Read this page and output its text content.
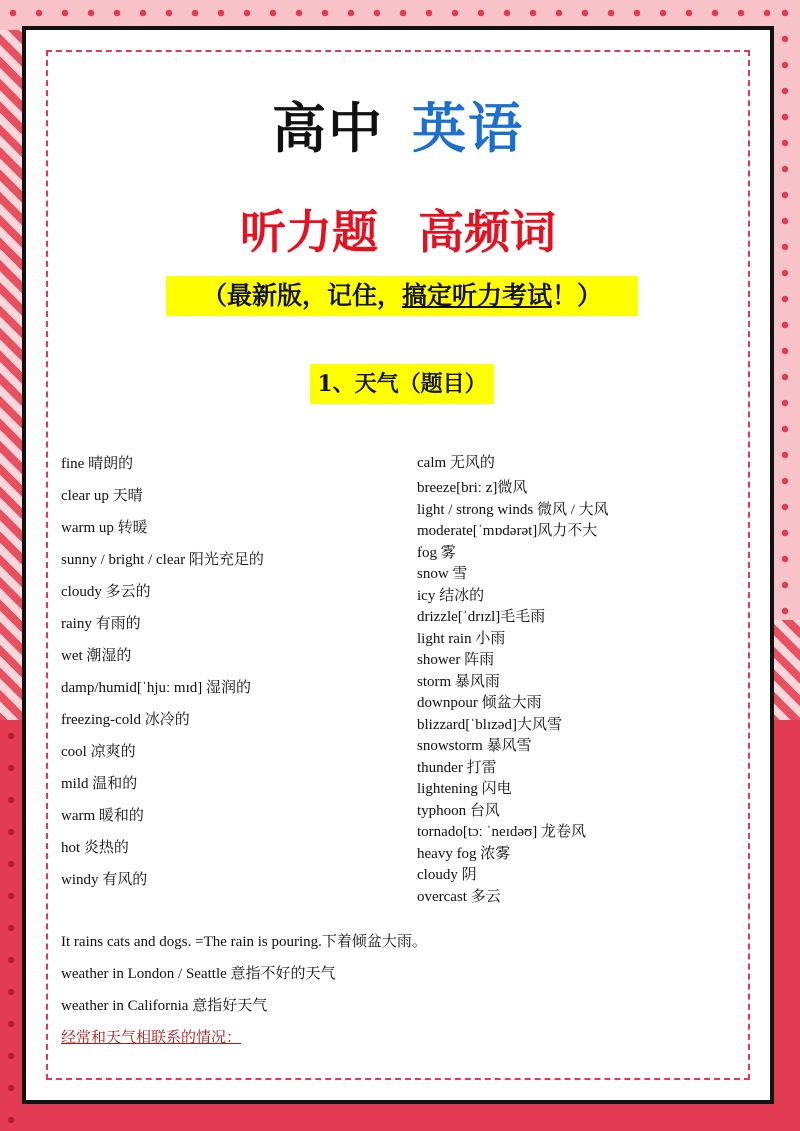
高中 英语
听力题 高频词
（最新版，记住，搞定听力考试！）
1、天气（题目）
fine 晴朗的
clear up 天晴
warm up 转暖
sunny / bright / clear 阳光充足的
cloudy 多云的
rainy 有雨的
wet 潮湿的
damp/humid[ˈhjuː mɪd] 湿润的
freezing-cold 冰冷的
cool 凉爽的
mild 温和的
warm 暖和的
hot 炎热的
windy 有风的
calm 无风的
breeze[briː z]微风
light / strong winds 微风 / 大风
moderate[ˈmɒdərət]风力不大
fog 雾
snow 雪
icy 结冰的
drizzle[ˈdrɪzl]毛毛雨
light rain 小雨
shower 阵雨
storm 暴风雨
downpour 倾盆大雨
blizzard[ˈblɪzəd]大风雪
snowstorm 暴风雪
thunder 打雷
lightening 闪电
typhoon 台风
tornado[tɔː ˈneɪdəʊ] 龙卷风
heavy fog 浓雾
cloudy 阴
overcast 多云
It rains cats and dogs. =The rain is pouring.下着倾盆大雨。
weather in London / Seattle 意指不好的天气
weather in California 意指好天气
经常和天气相联系的情况：
